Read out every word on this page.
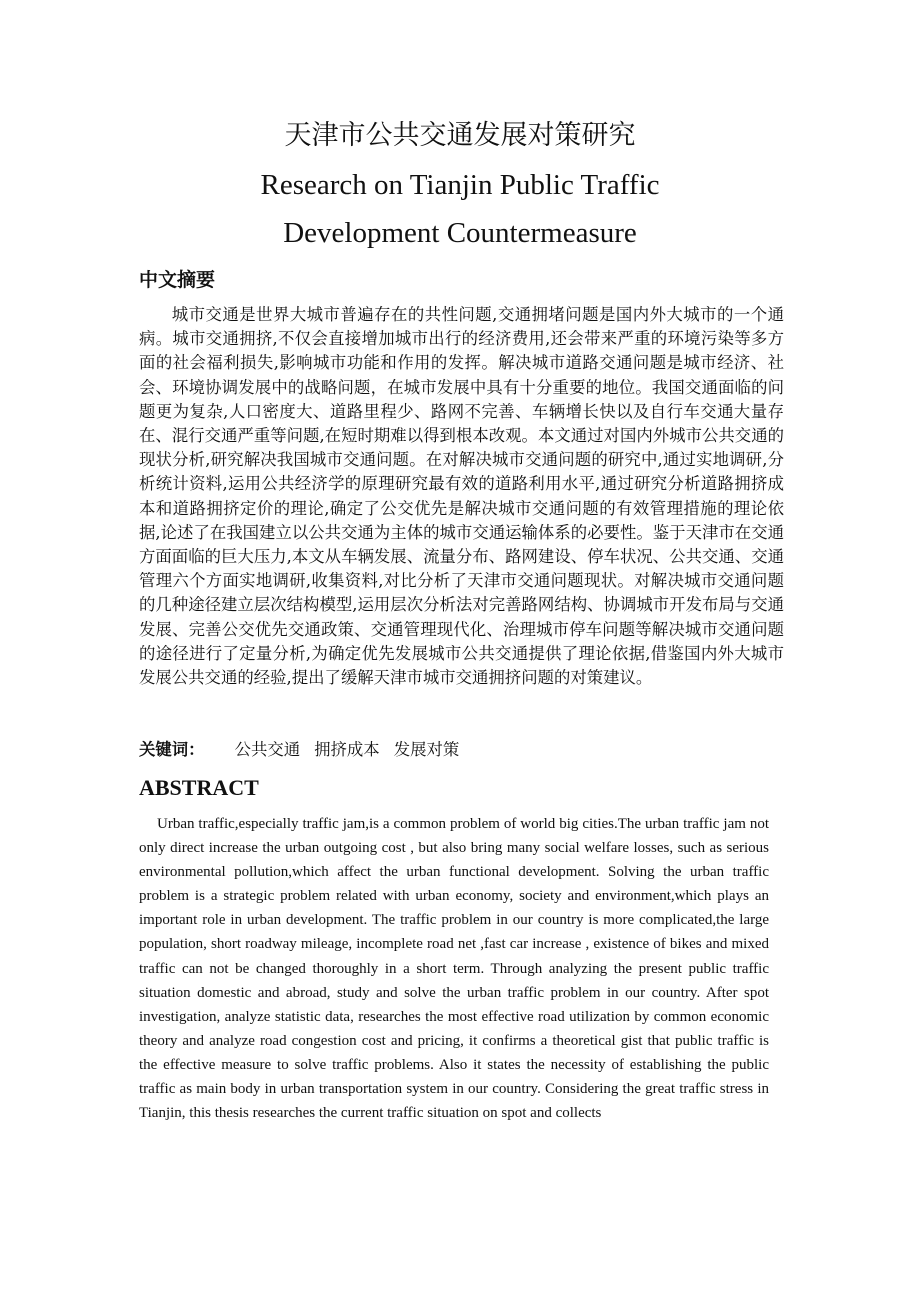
天津市公共交通发展对策研究
Research on Tianjin Public Traffic
Development Countermeasure
中文摘要

城市交通是世界大城市普遍存在的共性问题,交通拥堵问题是国内外大城市的一个通病。城市交通拥挤,不仅会直接增加城市出行的经济费用,还会带来严重的环境污染等多方面的社会福利损失,影响城市功能和作用的发挥。解决城市道路交通问题是城市经济、社会、环境协调发展中的战略问题，在城市发展中具有十分重要的地位。我国交通面临的问题更为复杂,人口密度大、道路里程少、路网不完善、车辆增长快以及自行车交通大量存在、混行交通严重等问题,在短时期难以得到根本改观。本文通过对国内外城市公共交通的现状分析,研究解决我国城市交通问题。在对解决城市交通问题的研究中,通过实地调研,分析统计资料,运用公共经济学的原理研究最有效的道路利用水平,通过研究分析道路拥挤成本和道路拥挤定价的理论,确定了公交优先是解决城市交通问题的有效管理措施的理论依据,论述了在我国建立以公共交通为主体的城市交通运输体系的必要性。鉴于天津市在交通方面面临的巨大压力,本文从车辆发展、流量分布、路网建设、停车状况、公共交通、交通管理六个方面实地调研,收集资料,对比分析了天津市交通问题现状。对解决城市交通问题的几种途径建立层次结构模型,运用层次分析法对完善路网结构、协调城市开发布局与交通发展、完善公交优先交通政策、交通管理现代化、治理城市停车问题等解决城市交通问题的途径进行了定量分析,为确定优先发展城市公共交通提供了理论依据,借鉴国内外大城市发展公共交通的经验,提出了缓解天津市城市交通拥挤问题的对策建议。

关键词： 公共交通 拥挤成本 发展对策
ABSTRACT

Urban traffic,especially traffic jam,is a common problem of world big cities.The urban traffic jam not only direct increase the urban outgoing cost , but also bring many social welfare losses, such as serious environmental pollution,which affect the urban functional development. Solving the urban traffic problem is a strategic problem related with urban economy, society and environment,which plays an important role in urban development. The traffic problem in our country is more complicated,the large population, short roadway mileage, incomplete road net ,fast car increase , existence of bikes and mixed traffic can not be changed thoroughly in a short term. Through analyzing the present public traffic situation domestic and abroad, study and solve the urban traffic problem in our country. After spot investigation, analyze statistic data, researches the most effective road utilization by common economic theory and analyze road congestion cost and pricing, it confirms a theoretical gist that public traffic is the effective measure to solve traffic problems. Also it states the necessity of establishing the public traffic as main body in urban transportation system in our country. Considering the great traffic stress in Tianjin, this thesis researches the current traffic situation on spot and collects
